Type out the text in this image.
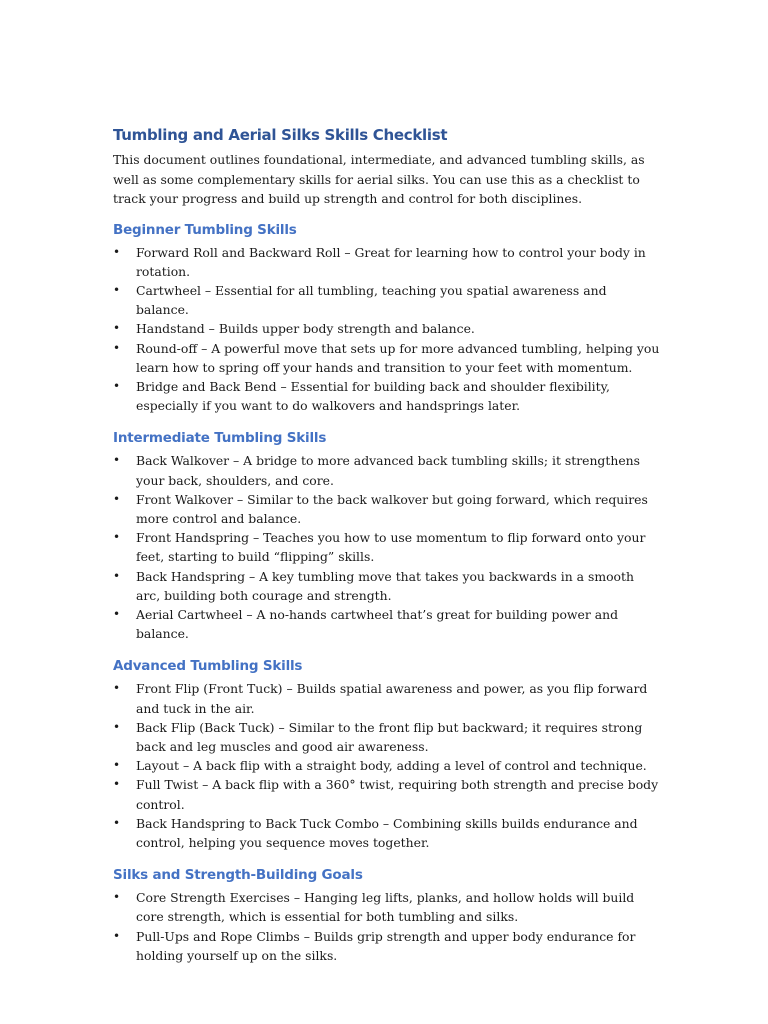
Tumbling and Aerial Silks Skills Checklist

This document outlines foundational, intermediate, and advanced tumbling skills, as well as some complementary skills for aerial silks. You can use this as a checklist to track your progress and build up strength and control for both disciplines.

Beginner Tumbling Skills
•	Forward Roll and Backward Roll – Great for learning how to control your body in rotation.
•	Cartwheel – Essential for all tumbling, teaching you spatial awareness and balance.
•	Handstand – Builds upper body strength and balance.
•	Round-off – A powerful move that sets up for more advanced tumbling, helping you learn how to spring off your hands and transition to your feet with momentum.
•	Bridge and Back Bend – Essential for building back and shoulder flexibility, especially if you want to do walkovers and handsprings later.
Intermediate Tumbling Skills
•	Back Walkover – A bridge to more advanced back tumbling skills; it strengthens your back, shoulders, and core.
•	Front Walkover – Similar to the back walkover but going forward, which requires more control and balance.
•	Front Handspring – Teaches you how to use momentum to flip forward onto your feet, starting to build “flipping” skills.
•	Back Handspring – A key tumbling move that takes you backwards in a smooth arc, building both courage and strength.
•	Aerial Cartwheel – A no-hands cartwheel that’s great for building power and balance.
Advanced Tumbling Skills
•	Front Flip (Front Tuck) – Builds spatial awareness and power, as you flip forward and tuck in the air.
•	Back Flip (Back Tuck) – Similar to the front flip but backward; it requires strong back and leg muscles and good air awareness.
•	Layout – A back flip with a straight body, adding a level of control and technique.
•	Full Twist – A back flip with a 360° twist, requiring both strength and precise body control.
•	Back Handspring to Back Tuck Combo – Combining skills builds endurance and control, helping you sequence moves together.
Silks and Strength-Building Goals
•	Core Strength Exercises – Hanging leg lifts, planks, and hollow holds will build core strength, which is essential for both tumbling and silks.
•	Pull-Ups and Rope Climbs – Builds grip strength and upper body endurance for holding yourself up on the silks.
